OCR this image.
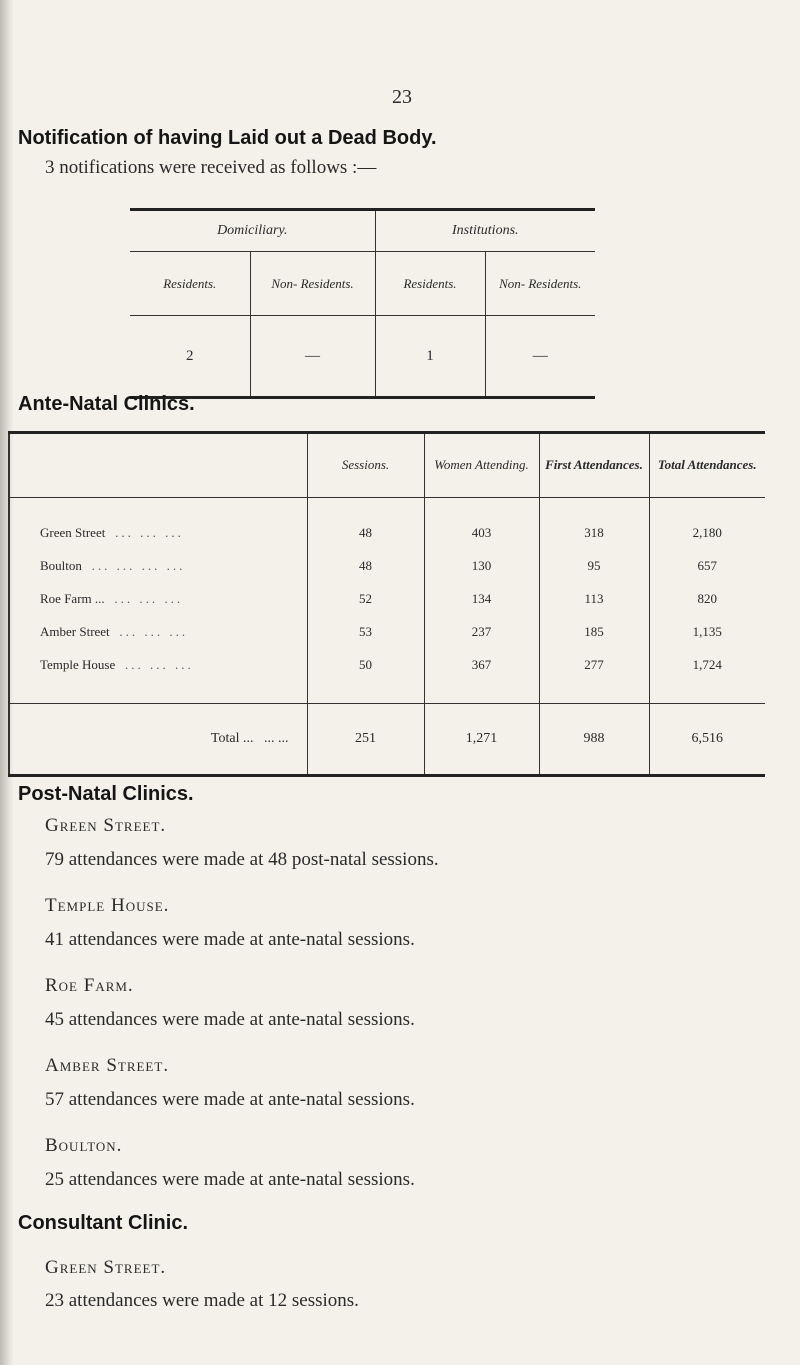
23
Notification of having Laid out a Dead Body.

3 notifications were received as follows :—

Domiciliary.		Institutions.	
Residents.	Non- Residents.	Residents.	Non- Residents.
2	—	1	—
Ante-Natal Clinics.
	Sessions.	Women Attending.	First Attendances.	Total Attendances.
Green Street ... ... ...	48	403	318	2,180
Boulton ... ... ... ...	48	130	95	657
Roe Farm ... ... ... ...	52	134	113	820
Amber Street ... ... ...	53	237	185	1,135
Temple House ... ... ...	50	367	277	1,724

Total ... ... ...	251	1,271	988	6,516
Post-Natal Clinics.

Green Street.

79 attendances were made at 48 post-natal sessions.

Temple House.

41 attendances were made at ante-natal sessions.

Roe Farm.

45 attendances were made at ante-natal sessions.

Amber Street.

57 attendances were made at ante-natal sessions.

Boulton.

25 attendances were made at ante-natal sessions.

Consultant Clinic.

Green Street.

23 attendances were made at 12 sessions.
